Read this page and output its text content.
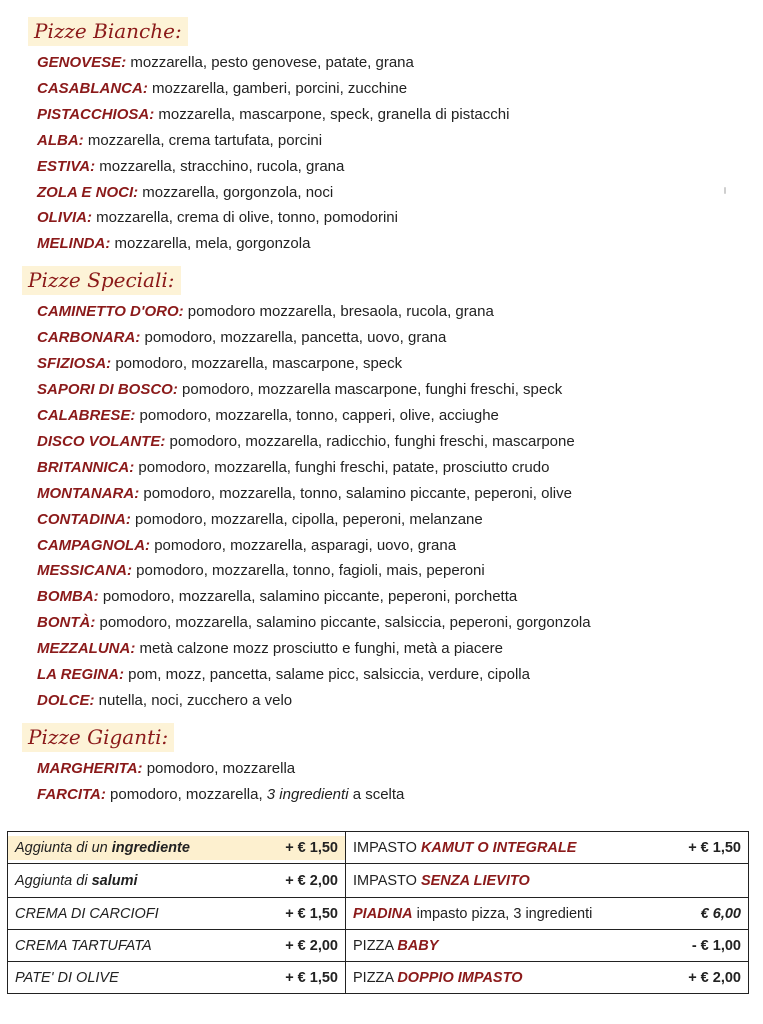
Pizze Bianche:
GENOVESE: mozzarella, pesto genovese, patate, grana
CASABLANCA: mozzarella, gamberi, porcini, zucchine
PISTACCHIOSA: mozzarella, mascarpone, speck, granella di pistacchi
ALBA: mozzarella, crema tartufata, porcini
ESTIVA: mozzarella, stracchino, rucola, grana
ZOLA E NOCI: mozzarella, gorgonzola, noci
OLIVIA: mozzarella, crema di olive, tonno, pomodorini
MELINDA: mozzarella, mela, gorgonzola
Pizze Speciali:
CAMINETTO D'ORO: pomodoro mozzarella, bresaola, rucola, grana
CARBONARA: pomodoro, mozzarella, pancetta, uovo, grana
SFIZIOSA: pomodoro, mozzarella, mascarpone, speck
SAPORI DI BOSCO: pomodoro, mozzarella mascarpone, funghi freschi, speck
CALABRESE: pomodoro, mozzarella, tonno, capperi, olive, acciughe
DISCO VOLANTE: pomodoro, mozzarella, radicchio, funghi freschi, mascarpone
BRITANNICA: pomodoro, mozzarella, funghi freschi, patate, prosciutto crudo
MONTANARA: pomodoro, mozzarella, tonno, salamino piccante, peperoni, olive
CONTADINA: pomodoro, mozzarella, cipolla, peperoni, melanzane
CAMPAGNOLA: pomodoro, mozzarella, asparagi, uovo, grana
MESSICANA: pomodoro, mozzarella, tonno, fagioli, mais, peperoni
BOMBA: pomodoro, mozzarella, salamino piccante, peperoni, porchetta
BONTÀ: pomodoro, mozzarella, salamino piccante, salsiccia, peperoni, gorgonzola
MEZZALUNA: metà calzone mozz prosciutto e funghi, metà a piacere
LA REGINA: pom, mozz, pancetta, salame picc, salsiccia, verdure, cipolla
DOLCE: nutella, noci, zucchero a velo
Pizze Giganti:
MARGHERITA: pomodoro, mozzarella
FARCITA: pomodoro, mozzarella, 3 ingredienti a scelta
Aggiunta di un ingrediente + € 1,50	IMPASTO KAMUT O INTEGRALE + € 1,50

Aggiunta di salumi + € 2,00	IMPASTO SENZA LIEVITO

CREMA DI CARCIOFI + € 1,50	PIADINA impasto pizza, 3 ingredienti € 6,00

CREMA TARTUFATA + € 2,00	PIZZA BABY - € 1,00

PATE' DI OLIVE + € 1,50	PIZZA DOPPIO IMPASTO + € 2,00
